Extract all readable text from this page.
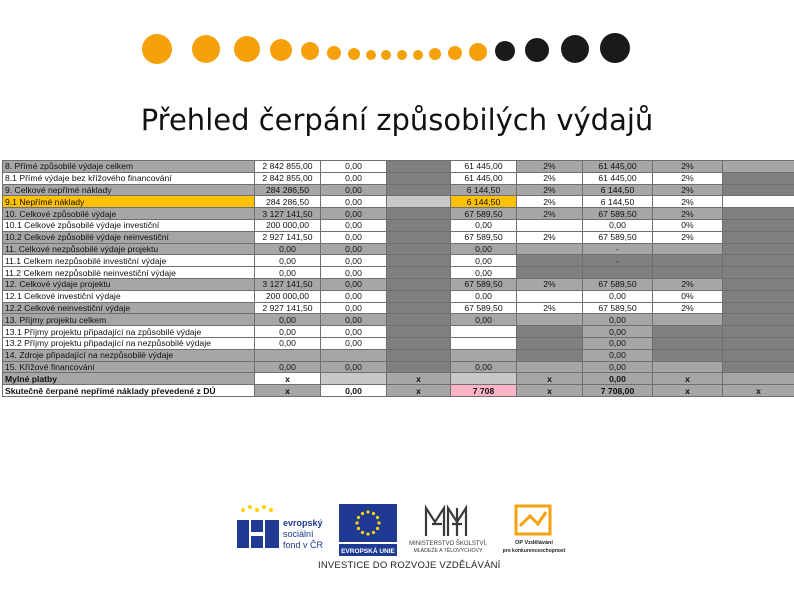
Přehled čerpání způsobilých výdajů
8. Přímé způsobilé výdaje celkem	2 842 855,00	0,00		61 445,00	2%	61 445,00	2%		
8.1 Přímé výdaje bez křížového financování	2 842 855,00	0,00		61 445,00	2%	61 445,00	2%		
9. Celkové nepřímé náklady	284 286,50	0,00		6 144,50	2%	6 144,50	2%		
9.1 Nepřímé náklady	284 286,50	0,00		6 144,50	2%	6 144,50	2%		
10. Celkové způsobilé výdaje	3 127 141,50	0,00		67 589,50	2%	67 589,50	2%		
10.1 Celkové způsobilé výdaje investiční	200 000,00	0,00		0,00		0,00	0%		
10.2 Celkové způsobilé výdaje neinvestiční	2 927 141,50	0,00		67 589,50	2%	67 589,50	2%		
11. Celkové nezpůsobilé výdaje projektu	0,00	0,00		0,00		-			
11.1 Celkem nezpůsobilé investiční výdaje	0,00	0,00		0,00		-			
11.2 Celkem nezpůsobilé neinvestiční výdaje	0,00	0,00		0,00					
12. Celkové výdaje projektu	3 127 141,50	0,00		67 589,50	2%	67 589,50	2%		
12.1 Celkové investiční výdaje	200 000,00	0,00		0,00		0,00	0%		
12.2 Celkové neinvestiční výdaje	2 927 141,50	0,00		67 589,50	2%	67 589,50	2%		
13. Příjmy projektu celkem	0,00	0,00		0,00		0,00			
13.1 Příjmy projektu připadající na způsobilé výdaje	0,00	0,00				0,00			
13.2 Příjmy projektu připadající na nezpůsobilé výdaje	0,00	0,00				0,00			
14. Zdroje připadající na nezpůsobilé výdaje						0,00			
15. Křížové financování	0,00	0,00		0,00		0,00			
Mylné platby	x		x		x	0,00	x		
Skutečně čerpané nepřímé náklady převedené z DÚ	x	0,00	x	7 708	x	7 708,00	x	x	
evropský
sociální
fond v ČR
EVROPSKÁ UNIE
MINISTERSTVO ŠKOLSTVÍ,
MLÁDEŽE A TĚLOVÝCHOVY
OP Vzdělávání
pro konkurenceschopnost
INVESTICE DO ROZVOJE VZDĚLÁVÁNÍ
